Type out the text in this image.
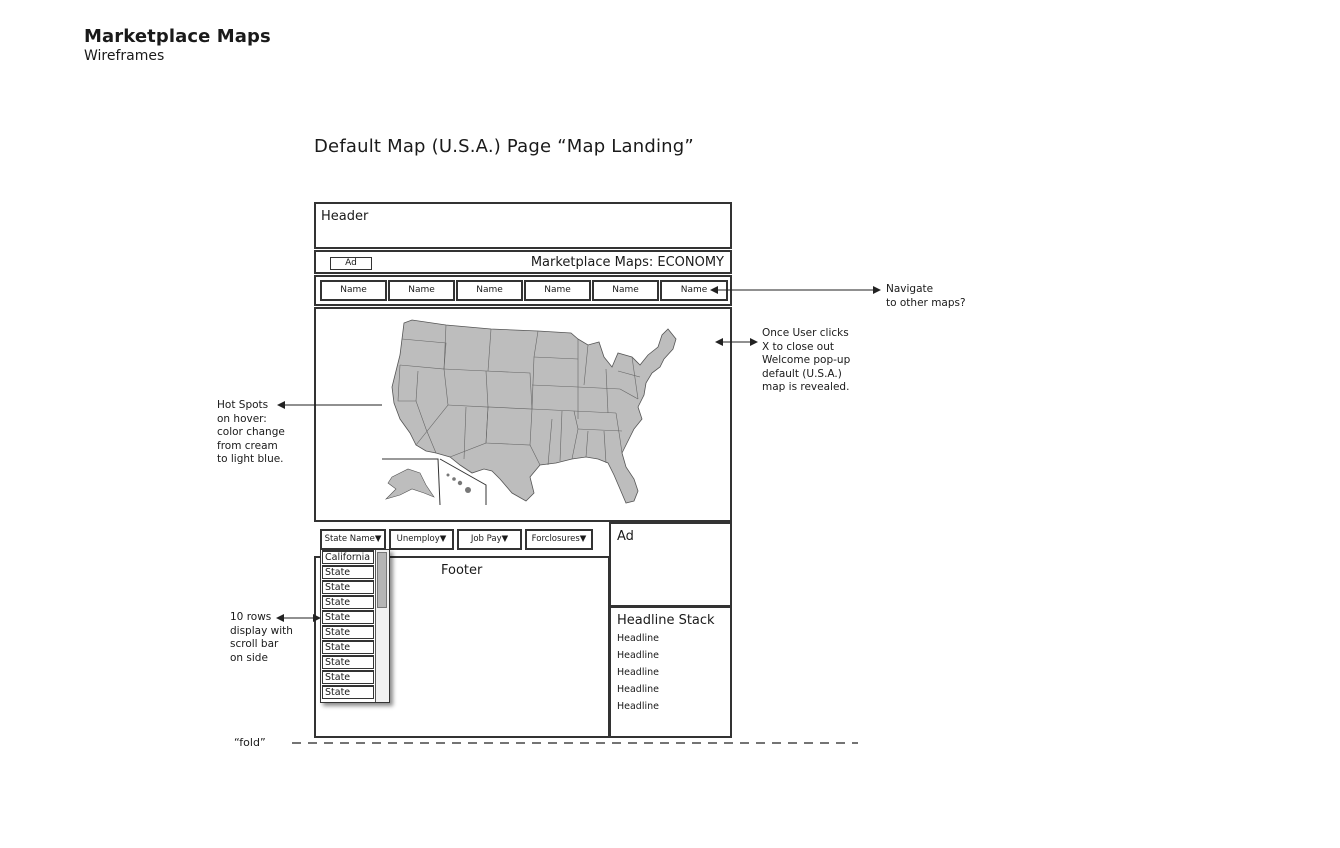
Marketplace Maps
Wireframes
Default Map (U.S.A.) Page “Map Landing”
Header
Ad	Marketplace Maps: ECONOMY
Name	Name	Name	Name	Name	Name
State Name▼	Unemploy▼	Job Pay▼	Forclosures▼
Footer
Ad
Headline Stack
Headline
Headline
Headline
Headline
Headline
California
State
State
State
State
State
State
State
State
State
Navigate
to other maps?
Once User clicks
X to close out
Welcome pop-up
default (U.S.A.)
map is revealed.
Hot Spots
on hover:
color change
from cream
to light blue.
10 rows
display with
scroll bar
on side
“fold”
